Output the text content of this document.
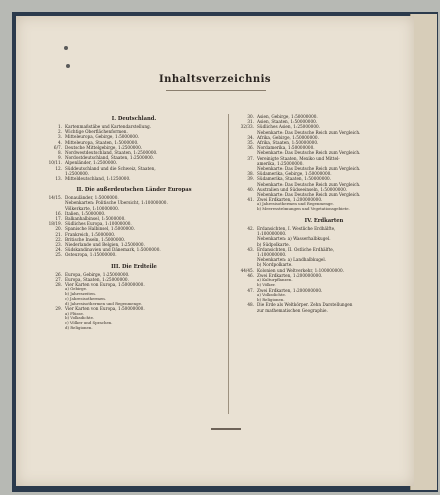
Inhaltsverzeichnis
I. Deutschland.
1. Kartenmaßstäbe und Kartendarstellung.
2. Wichtige Oberflächenformen.
3. Mitteleuropa, Gebirge, 1:5000000.
4. Mitteleuropa, Staaten, 1:5000000.
6/7. Deutsche Mittelgebirge, 1:2500000.
8. Nordwestdeutschland, Staaten, 1:2500000.
9. Nordostdeutschland, Staaten, 1:2500000.
10/11. Alpenländer, 1:2500000.
12. Süddeutschland und die Schweiz, Staaten,
1:2500000.
13. Mitteldeutschland, 1:1250000.
II. Die außerdeutschen Länder Europas
14/15. Donauländer, 1:5000000.
Nebenkarten: Politische Übersicht, 1:10000000.
Völkerkarte, 1:10000000.
16. Italien, 1:5000000.
17. Balkanhalbinsel, 1:5000000.
18/19. Südliches Europa, 1:10000000.
20. Spanische Halbinsel, 1:5000000.
21. Frankreich, 1:5000000.
22. Britische Inseln, 1:5000000.
23. Niederlande und Belgien, 1:2500000.
24. Südskandinavien und Dänemark, 1:5000000.
25. Osteuropa, 1:15000000.
III. Die Erdteile
26. Europa, Gebirge, 1:25000000.
27. Europa, Staaten, 1:25000000.
28. Vier Karten von Europa, 1:50000000.
a) Gebirge.
b) Jahreszeiten.
c) Jahresisothermen.
d) Jahresisothermen und Regenmenge.
29. Vier Karten von Europa, 1:50000000.
a) Flüsse.
b) Volksdichte.
c) Völker und Sprachen.
d) Religionen.
30. Asien, Gebirge, 1:50000000.
31. Asien, Staaten, 1:50000000.
32/33. Südliches Asien, 1:25000000.
Nebenkarte: Das Deutsche Reich zum Vergleich.
34. Afrika, Gebirge, 1:50000000.
35. Afrika, Staaten, 1:50000000.
36. Nordamerika, 1:50000000.
Nebenkarte: Das Deutsche Reich zum Vergleich.
37. Vereinigte Staaten, Mexiko und Mittel-
amerika, 1:25000000.
Nebenkarte: Das Deutsche Reich zum Vergleich.
38. Südamerika, Gebirge, 1:50000000.
39. Südamerika, Staaten, 1:50000000.
Nebenkarte: Das Deutsche Reich zum Vergleich.
40. Australien und Südseeinseln, 1:50000000.
Nebenkarte: Das Deutsche Reich zum Vergleich.
41. Zwei Erdkarten, 1:200000000.
a) Jahresisothermen und Regenmenge.
b) Meeresströmungen und Vegetationsgebiete.
IV. Erdkarten
42. Erdansichten, I. Westliche Erdhälfte,
1:100000000.
Nebenkarten: a) Wasserhalbkugel.
b) Südpolkarte.
43. Erdansichten, II. Östliche Erdhälfte,
1:100000000.
Nebenkarten: a) Landhalbkugel.
b) Nordpolkarte.
44/45. Kolonien und Weltverkehr, 1:100000000.
46. Zwei Erdkarten, 1:200000000.
a) Kulturpflanzen.
b) Völker.
47. Zwei Erdkarten, 1:200000000.
a) Volksdichte.
b) Religionen.
48. Die Erde als Weltkörper. Zehn Darstellungen
zur mathematischen Geographie.
